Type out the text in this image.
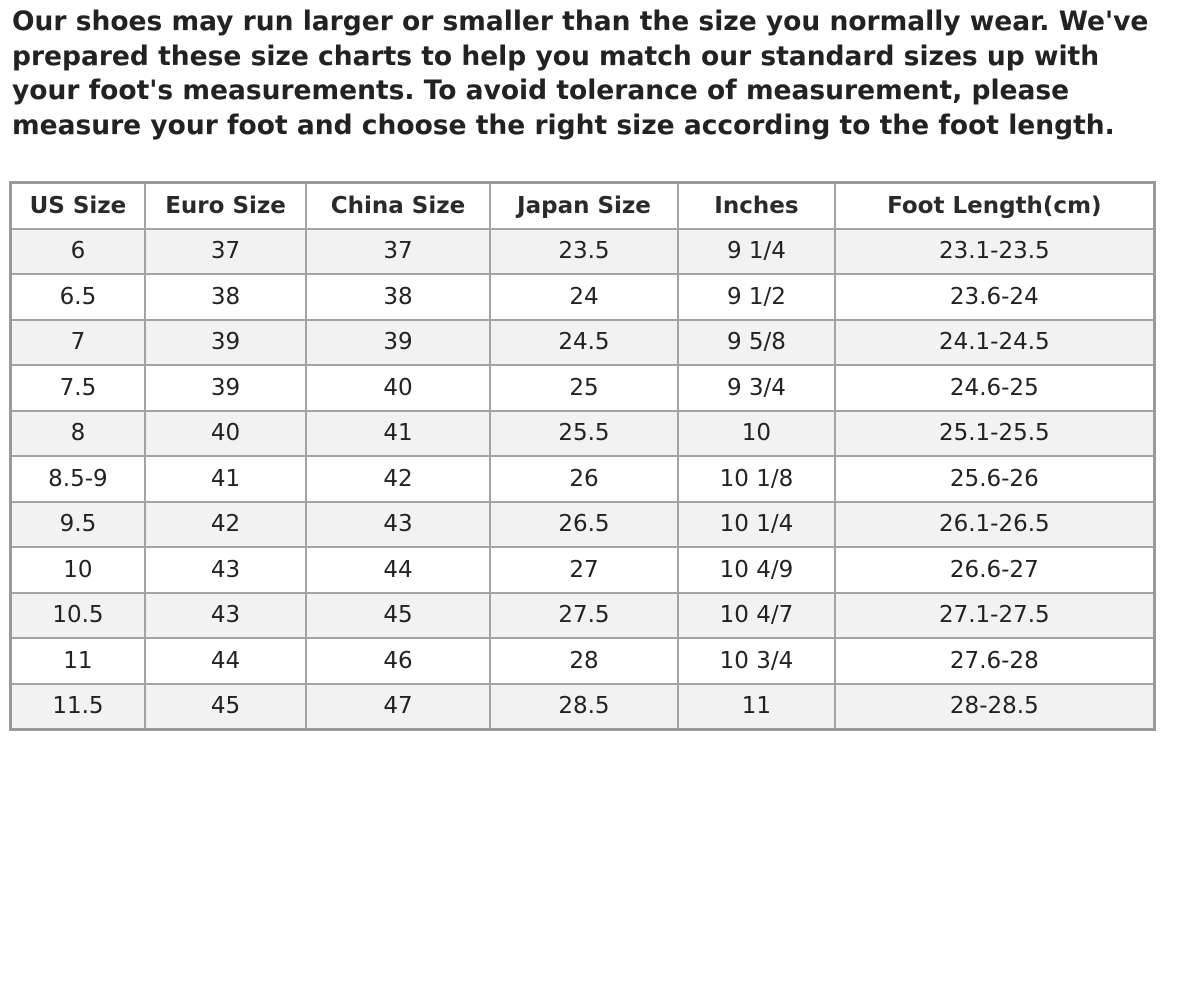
Our shoes may run larger or smaller than the size you normally wear. We've
prepared these size charts to help you match our standard sizes up with
your foot's measurements. To avoid tolerance of measurement, please
measure your foot and choose the right size according to the foot length.

US Size	Euro Size	China Size	Japan Size	Inches	Foot Length(cm)
6	37	37	23.5	9 1/4	23.1-23.5
6.5	38	38	24	9 1/2	23.6-24
7	39	39	24.5	9 5/8	24.1-24.5
7.5	39	40	25	9 3/4	24.6-25
8	40	41	25.5	10	25.1-25.5
8.5-9	41	42	26	10 1/8	25.6-26
9.5	42	43	26.5	10 1/4	26.1-26.5
10	43	44	27	10 4/9	26.6-27
10.5	43	45	27.5	10 4/7	27.1-27.5
11	44	46	28	10 3/4	27.6-28
11.5	45	47	28.5	11	28-28.5
